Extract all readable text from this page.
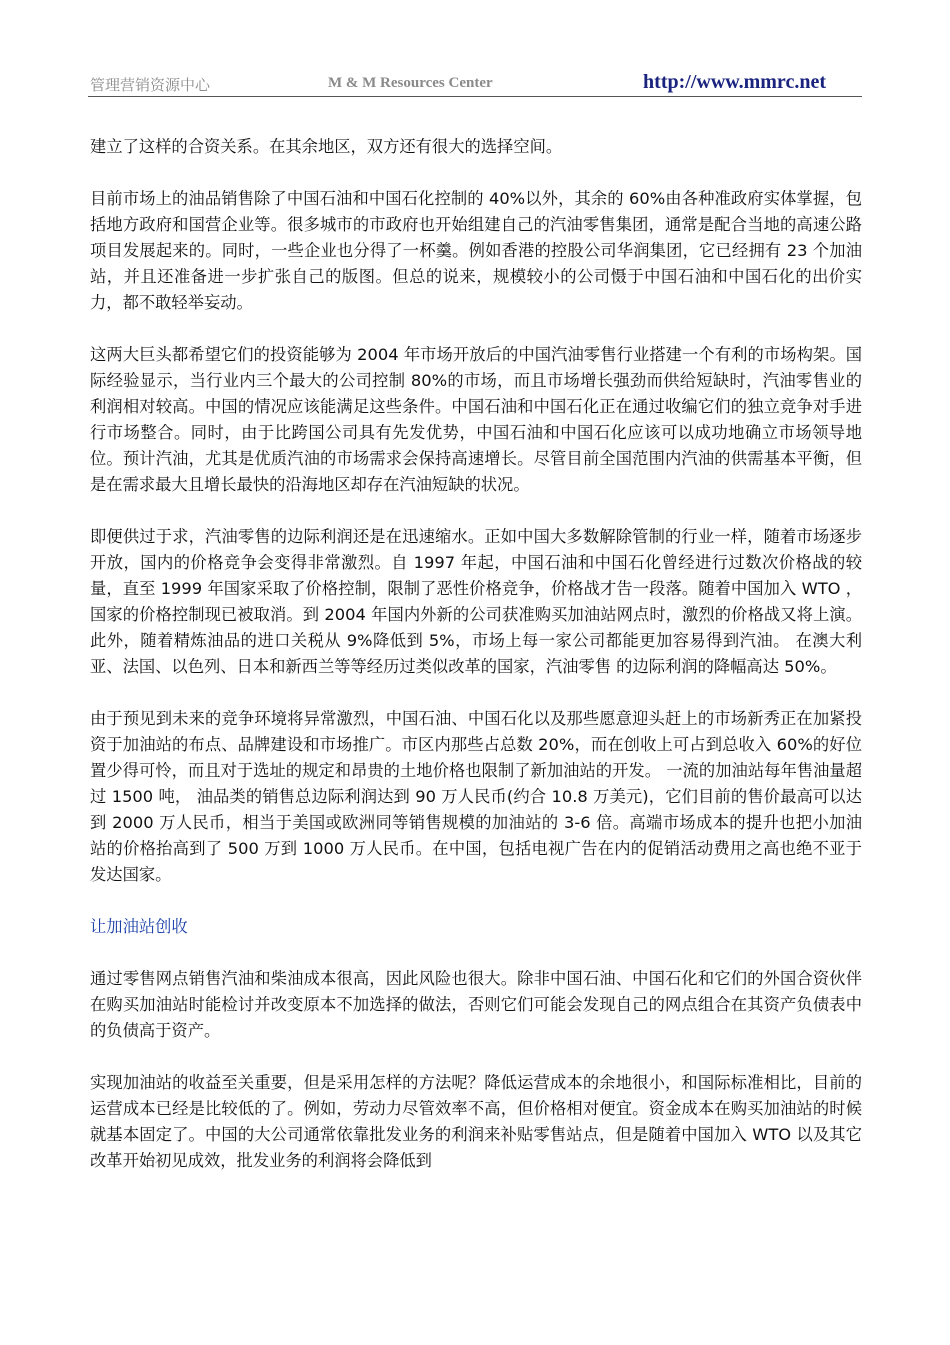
管理营销资源中心	M & M Resources Center	http://www.mmrc.net

建立了这样的合资关系。在其余地区，双方还有很大的选择空间。

目前市场上的油品销售除了中国石油和中国石化控制的 40%以外，其余的 60%由各种准政府实体掌握，包括地方政府和国营企业等。很多城市的市政府也开始组建自己的汽油零售集团，通常是配合当地的高速公路项目发展起来的。同时，一些企业也分得了一杯羹。例如香港的控股公司华润集团，它已经拥有 23 个加油站，并且还准备进一步扩张自己的版图。但总的说来，规模较小的公司慑于中国石油和中国石化的出价实力，都不敢轻举妄动。

这两大巨头都希望它们的投资能够为 2004 年市场开放后的中国汽油零售行业搭建一个有利的市场构架。国际经验显示，当行业内三个最大的公司控制 80%的市场，而且市场增长强劲而供给短缺时，汽油零售业的利润相对较高。中国的情况应该能满足这些条件。中国石油和中国石化正在通过收编它们的独立竞争对手进行市场整合。同时，由于比跨国公司具有先发优势，中国石油和中国石化应该可以成功地确立市场领导地位。预计汽油，尤其是优质汽油的市场需求会保持高速增长。尽管目前全国范围内汽油的供需基本平衡，但是在需求最大且增长最快的沿海地区却存在汽油短缺的状况。

即便供过于求，汽油零售的边际利润还是在迅速缩水。正如中国大多数解除管制的行业一样，随着市场逐步开放，国内的价格竞争会变得非常激烈。自 1997 年起，中国石油和中国石化曾经进行过数次价格战的较量，直至 1999 年国家采取了价格控制，限制了恶性价格竞争，价格战才告一段落。随着中国加入 WTO ，国家的价格控制现已被取消。到 2004 年国内外新的公司获准购买加油站网点时，激烈的价格战又将上演。此外，随着精炼油品的进口关税从 9%降低到 5%，市场上每一家公司都能更加容易得到汽油。 在澳大利亚、法国、以色列、日本和新西兰等等经历过类似改革的国家，汽油零售 的边际利润的降幅高达 50%。

由于预见到未来的竞争环境将异常激烈，中国石油、中国石化以及那些愿意迎头赶上的市场新秀正在加紧投资于加油站的布点、品牌建设和市场推广。市区内那些占总数 20%，而在创收上可占到总收入 60%的好位置少得可怜，而且对于选址的规定和昂贵的土地价格也限制了新加油站的开发。 一流的加油站每年售油量超过 1500 吨， 油品类的销售总边际利润达到 90 万人民币(约合 10.8 万美元)，它们目前的售价最高可以达到 2000 万人民币，相当于美国或欧洲同等销售规模的加油站的 3-6 倍。高端市场成本的提升也把小加油站的价格抬高到了 500 万到 1000 万人民币。在中国，包括电视广告在内的促销活动费用之高也绝不亚于发达国家。

让加油站创收

通过零售网点销售汽油和柴油成本很高，因此风险也很大。除非中国石油、中国石化和它们的外国合资伙伴在购买加油站时能检讨并改变原本不加选择的做法，否则它们可能会发现自己的网点组合在其资产负债表中的负债高于资产。

实现加油站的收益至关重要，但是采用怎样的方法呢？降低运营成本的余地很小，和国际标准相比，目前的运营成本已经是比较低的了。例如，劳动力尽管效率不高，但价格相对便宜。资金成本在购买加油站的时候就基本固定了。中国的大公司通常依靠批发业务的利润来补贴零售站点，但是随着中国加入 WTO 以及其它改革开始初见成效，批发业务的利润将会降低到
